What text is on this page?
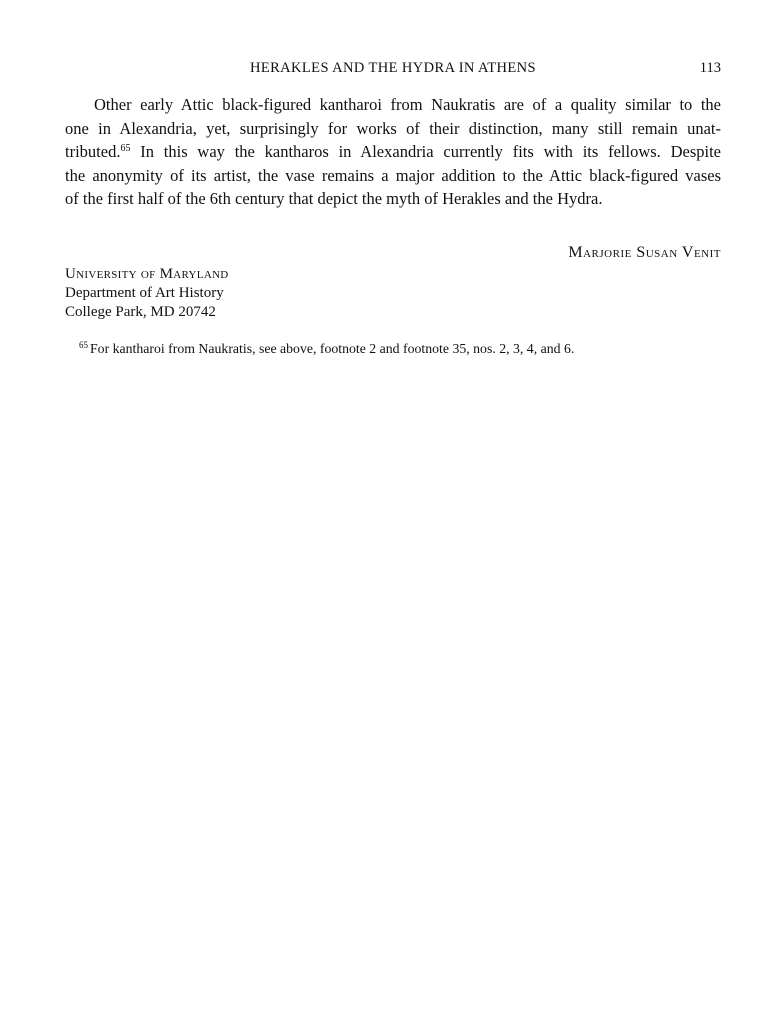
HERAKLES AND THE HYDRA IN ATHENS	113

Other early Attic black-figured kantharoi from Naukratis are of a quality similar to the
one in Alexandria, yet, surprisingly for works of their distinction, many still remain unat-
tributed.$^{65}$ In this way the kantharos in Alexandria currently fits with its fellows. Despite
the anonymity of its artist, the vase remains a major addition to the Attic black-figured vases
of the first half of the 6th century that depict the myth of Herakles and the Hydra.

Marjorie Susan Venit
University of Maryland
Department of Art History
College Park, MD 20742
$^{65}$ For kantharoi from Naukratis, see above, footnote 2 and footnote 35, nos. 2, 3, 4, and 6.
